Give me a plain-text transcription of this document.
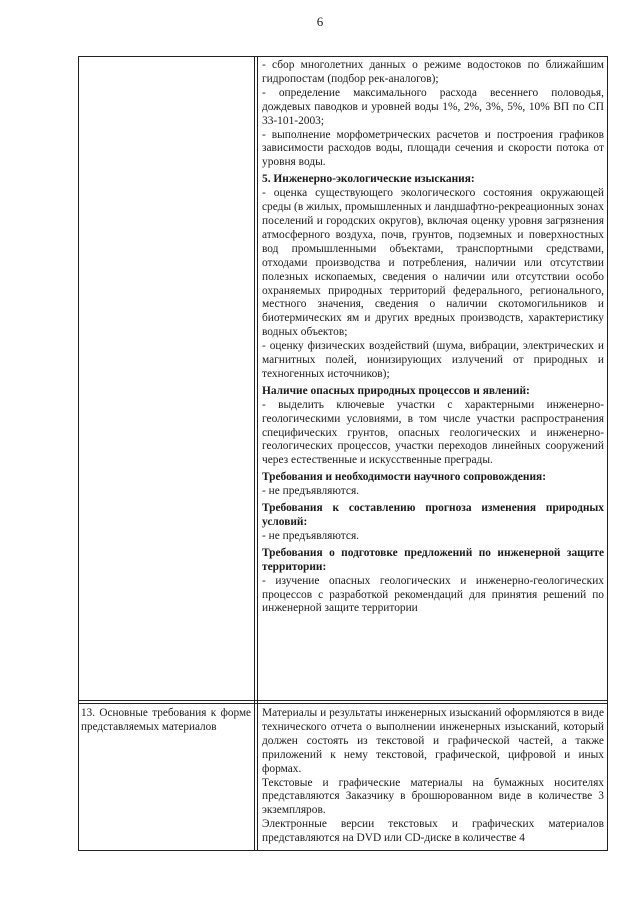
6

- сбор многолетних данных о режиме водостоков по ближайшим гидропостам (подбор рек-аналогов);

- определение максимального расхода весеннего половодья, дождевых паводков и уровней воды 1%, 2%, 3%, 5%, 10% ВП по СП 33-101-2003;

- выполнение морфометрических расчетов и построения графиков зависимости расходов воды, площади сечения и скорости потока от уровня воды.

5. Инженерно-экологические изыскания:

- оценка существующего экологического состояния окружающей среды (в жилых, промышленных и ландшафтно-рекреационных зонах поселений и городских округов), включая оценку уровня загрязнения атмосферного воздуха, почв, грунтов, подземных и поверхностных вод промышленными объектами, транспортными средствами, отходами производства и потребления, наличии или отсутствии полезных ископаемых, сведения о наличии или отсутствии особо охраняемых природных территорий федерального, регионального, местного значения, сведения о наличии скотомогильников и биотермических ям и других вредных производств, характеристику водных объектов;

- оценку физических воздействий (шума, вибрации, электрических и магнитных полей, ионизирующих излучений от природных и техногенных источников);

Наличие опасных природных процессов и явлений:

- выделить ключевые участки с характерными инженерно-геологическими условиями, в том числе участки распространения специфических грунтов, опасных геологических и инженерно-геологических процессов, участки переходов линейных сооружений через естественные и искусственные преграды.

Требования и необходимости научного сопровождения:

- не предъявляются.

Требования к составлению прогноза изменения природных условий:

- не предъявляются.

Требования о подготовке предложений по инженерной защите территории:

- изучение опасных геологических и инженерно-геологических процессов с разработкой рекомендаций для принятия решений по инженерной защите территории

13. Основные требования к форме представляемых материалов

Материалы и результаты инженерных изысканий оформляются в виде технического отчета о выполнении инженерных изысканий, который должен состоять из текстовой и графической частей, а также приложений к нему текстовой, графической, цифровой и иных формах.

Текстовые и графические материалы на бумажных носителях представляются Заказчику в брошюрованном виде в количестве 3 экземпляров.

Электронные версии текстовых и графических материалов представляются на DVD или CD-диске в количестве 4
